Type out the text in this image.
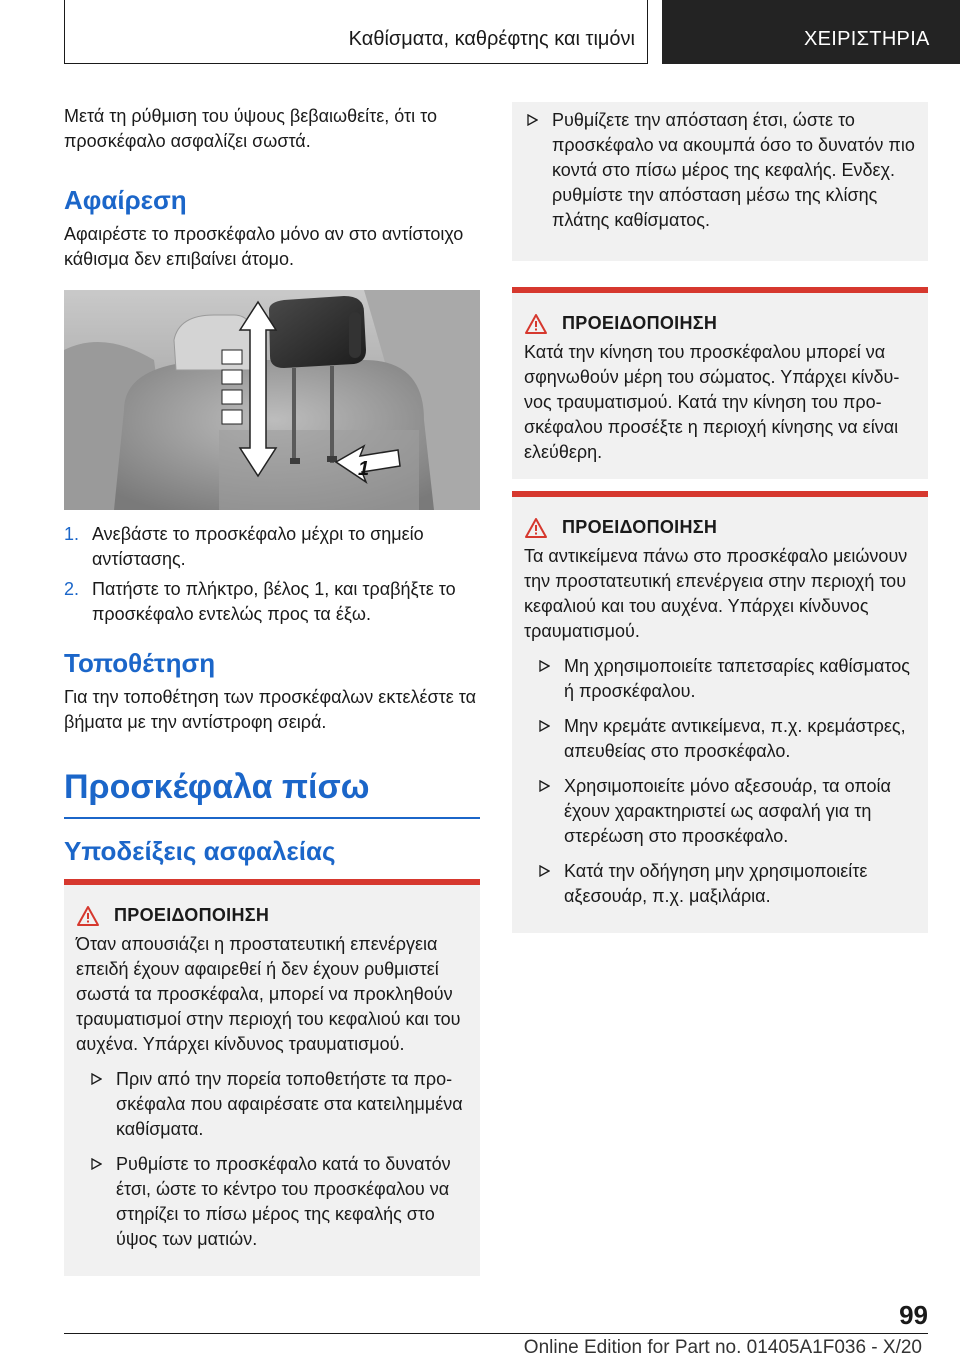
Καθίσματα, καθρέφτης και τιμόνι	ΧΕΙΡΙΣΤΗΡΙΑ

Μετά τη ρύθμιση του ύψους βεβαιωθείτε, ότι το προσκέφαλο ασφαλίζει σωστά.

Αφαίρεση

Αφαιρέστε το προσκέφαλο μόνο αν στο αντίστοιχο κάθισμα δεν επιβαίνει άτομο.

1
1. Ανεβάστε το προσκέφαλο μέχρι το σημείο αντίστασης.
2. Πατήστε το πλήκτρο, βέλος 1, και τραβήξτε το προσκέφαλο εντελώς προς τα έξω.
Τοποθέτηση

Για την τοποθέτηση των προσκέφαλων εκτελέστε τα βήματα με την αντίστροφη σειρά.

Προσκέφαλα πίσω
Υποδείξεις ασφαλείας
ΠΡΟΕΙΔΟΠΟΙΗΣΗ

Όταν απουσιάζει η προστατευτική επενέργεια επειδή έχουν αφαιρεθεί ή δεν έχουν ρυθμιστεί σωστά τα προσκέφαλα, μπορεί να προκληθούν τραυματισμοί στην περιοχή του κεφαλιού και του αυχένα. Υπάρχει κίνδυνος τραυματισμού.

Πριν από την πορεία τοποθετήστε τα προσκέφαλα που αφαιρέσατε στα κατειλημμένα καθίσματα.
Ρυθμίστε το προσκέφαλο κατά το δυνατόν έτσι, ώστε το κέντρο του προσκέφαλου να στηρίζει το πίσω μέρος της κεφαλής στο ύψος των ματιών.
Ρυθμίζετε την απόσταση έτσι, ώστε το προσκέφαλο να ακουμπά όσο το δυνατόν πιο κοντά στο πίσω μέρος της κεφαλής. Ενδεχ. ρυθμίστε την απόσταση μέσω της κλίσης πλάτης καθίσματος.
ΠΡΟΕΙΔΟΠΟΙΗΣΗ

Κατά την κίνηση του προσκέφαλου μπορεί να σφηνωθούν μέρη του σώματος. Υπάρχει κίνδυνος τραυματισμού. Κατά την κίνηση του προσκέφαλου προσέξτε η περιοχή κίνησης να είναι ελεύθερη.

ΠΡΟΕΙΔΟΠΟΙΗΣΗ

Τα αντικείμενα πάνω στο προσκέφαλο μειώνουν την προστατευτική επενέργεια στην περιοχή του κεφαλιού και του αυχένα. Υπάρχει κίνδυνος τραυματισμού.

Μη χρησιμοποιείτε ταπετσαρίες καθίσματος ή προσκέφαλου.
Μην κρεμάτε αντικείμενα, π.χ. κρεμάστρες, απευθείας στο προσκέφαλο.
Χρησιμοποιείτε μόνο αξεσουάρ, τα οποία έχουν χαρακτηριστεί ως ασφαλή για τη στερέωση στο προσκέφαλο.
Κατά την οδήγηση μην χρησιμοποιείτε αξεσουάρ, π.χ. μαξιλάρια.
99
Online Edition for Part no. 01405A1F036 - X/20
